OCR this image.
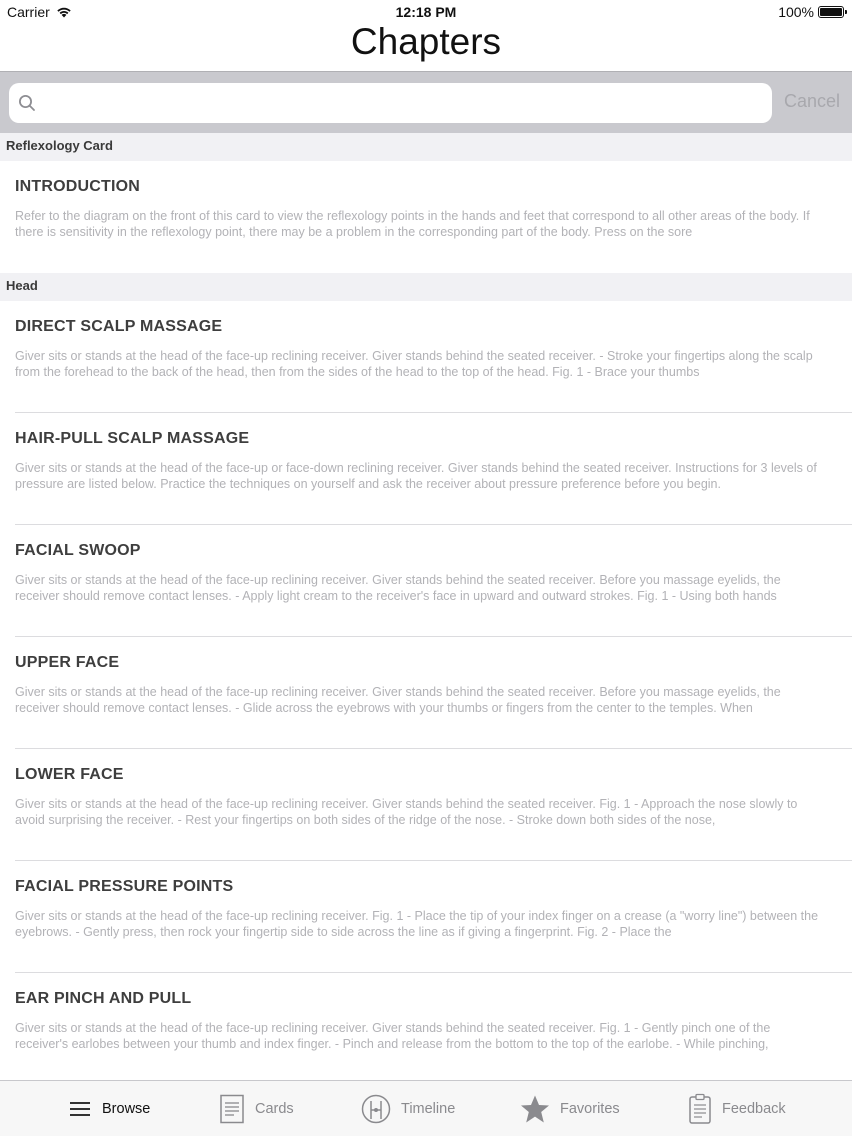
Carrier	12:18 PM	100%
Chapters
Cancel
Reflexology Card
INTRODUCTION
Refer to the diagram on the front of this card to view the reflexology points in the hands and feet that correspond to all other areas of the body. If there is sensitivity in the reflexology point, there may be a problem in the corresponding part of the body. Press on the sore
Head
DIRECT SCALP MASSAGE
Giver sits or stands at the head of the face-up reclining receiver. Giver stands behind the seated receiver. - Stroke your fingertips along the scalp from the forehead to the back of the head, then from the sides of the head to the top of the head. Fig. 1 - Brace your thumbs
HAIR-PULL SCALP MASSAGE
Giver sits or stands at the head of the face-up or face-down reclining receiver. Giver stands behind the seated receiver. Instructions for 3 levels of pressure are listed below. Practice the techniques on yourself and ask the receiver about pressure preference before you begin.
FACIAL SWOOP
Giver sits or stands at the head of the face-up reclining receiver. Giver stands behind the seated receiver. Before you massage eyelids, the receiver should remove contact lenses. - Apply light cream to the receiver's face in upward and outward strokes. Fig. 1 - Using both hands
UPPER FACE
Giver sits or stands at the head of the face-up reclining receiver. Giver stands behind the seated receiver. Before you massage eyelids, the receiver should remove contact lenses. - Glide across the eyebrows with your thumbs or fingers from the center to the temples. When
LOWER FACE
Giver sits or stands at the head of the face-up reclining receiver. Giver stands behind the seated receiver. Fig. 1 - Approach the nose slowly to avoid surprising the receiver. - Rest your fingertips on both sides of the ridge of the nose. - Stroke down both sides of the nose,
FACIAL PRESSURE POINTS
Giver sits or stands at the head of the face-up reclining receiver. Fig. 1 - Place the tip of your index finger on a crease (a "worry line") between the eyebrows. - Gently press, then rock your fingertip side to side across the line as if giving a fingerprint. Fig. 2 - Place the
EAR PINCH AND PULL
Giver sits or stands at the head of the face-up reclining receiver. Giver stands behind the seated receiver. Fig. 1 - Gently pinch one of the receiver's earlobes between your thumb and index finger. - Pinch and release from the bottom to the top of the earlobe. - While pinching,
Browse	Cards	Timeline	Favorites	Feedback
